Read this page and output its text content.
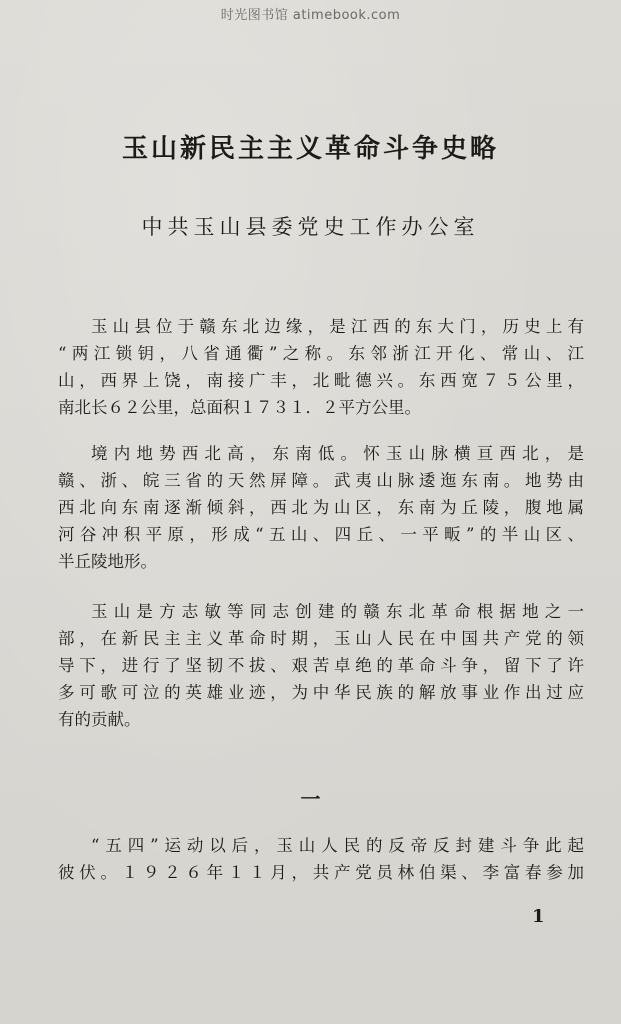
时光图书馆 atimebook.com
玉山新民主主义革命斗争史略
中共玉山县委党史工作办公室
玉山县位于赣东北边缘，是江西的东大门，历史上有
“两江锁钥，八省通衢”之称。东邻浙江开化、常山、江
山，西界上饶，南接广丰，北毗德兴。东西宽７５公里，
南北长６２公里，总面积１７３１．２平方公里。
境内地势西北高，东南低。怀玉山脉横亘西北，是
赣、浙、皖三省的天然屏障。武夷山脉逶迤东南。地势由
西北向东南逐渐倾斜，西北为山区，东南为丘陵，腹地属
河谷冲积平原，形成“五山、四丘、一平畈”的半山区、
半丘陵地形。
玉山是方志敏等同志创建的赣东北革命根据地之一
部，在新民主主义革命时期，玉山人民在中国共产党的领
导下，进行了坚韧不拔、艰苦卓绝的革命斗争，留下了许
多可歌可泣的英雄业迹，为中华民族的解放事业作出过应
有的贡献。
一
“五四”运动以后，玉山人民的反帝反封建斗争此起
彼伏。１９２６年１１月，共产党员林伯渠、李富春参加
1
